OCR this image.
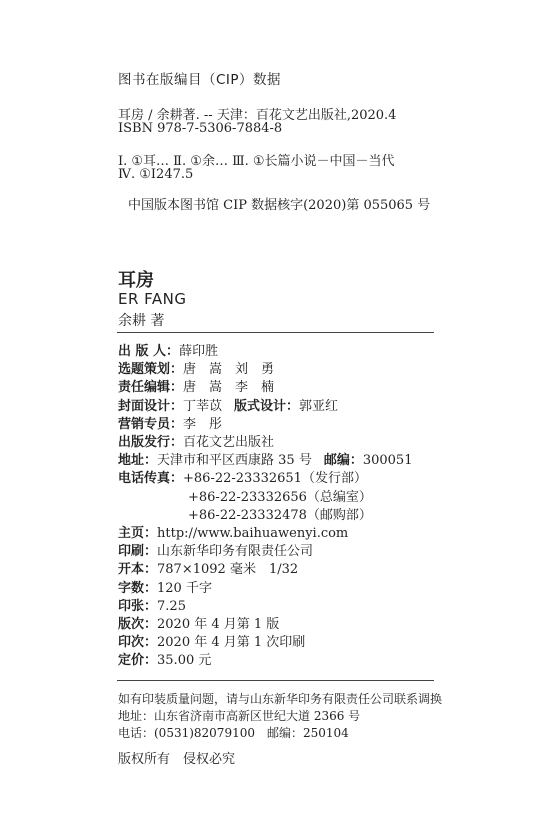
图书在版编目（CIP）数据
耳房 / 余耕著. -- 天津：百花文艺出版社,2020.4
ISBN 978-7-5306-7884-8
Ⅰ. ①耳… Ⅱ. ①余… Ⅲ. ①长篇小说－中国－当代
Ⅳ. ①I247.5
中国版本图书馆 CIP 数据核字(2020)第 055065 号
耳房
ER FANG
余耕 著
出 版 人：薛印胜
选题策划：唐　嵩　刘　勇
责任编辑：唐　嵩　李　楠
封面设计：丁莘苡 版式设计：郭亚红
营销专员：李　彤
出版发行：百花文艺出版社
地址：天津市和平区西康路 35 号 邮编：300051
电话传真：+86-22-23332651（发行部）
+86-22-23332656（总编室）
+86-22-23332478（邮购部）
主页：http://www.baihuawenyi.com
印刷：山东新华印务有限责任公司
开本：787×1092 毫米　1/32
字数：120 千字
印张：7.25
版次：2020 年 4 月第 1 版
印次：2020 年 4 月第 1 次印刷
定价：35.00 元
如有印装质量问题，请与山东新华印务有限责任公司联系调换
地址：山东省济南市高新区世纪大道 2366 号
电话：(0531)82079100　邮编：250104
版权所有　侵权必究
